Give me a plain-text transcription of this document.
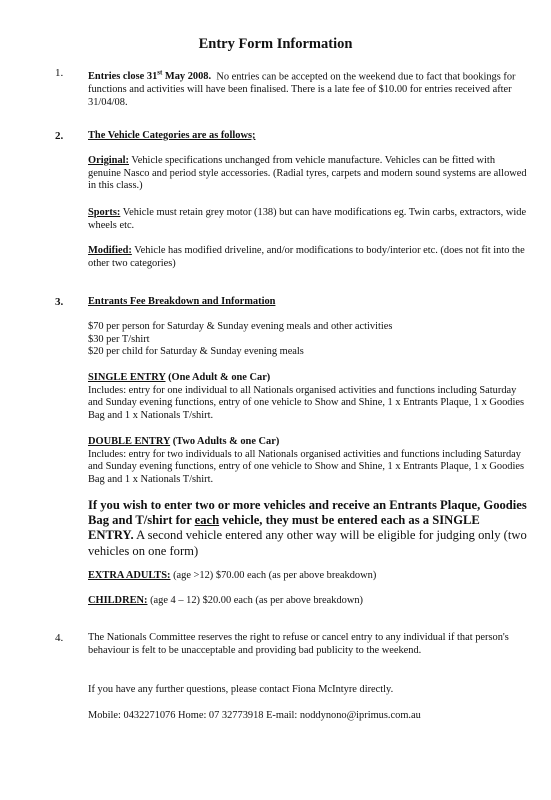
Entry Form Information
1. Entries close 31st May 2008. No entries can be accepted on the weekend due to fact that bookings for functions and activities will have been finalised. There is a late fee of $10.00 for entries received after 31/04/08.
2. The Vehicle Categories are as follows;
Original: Vehicle specifications unchanged from vehicle manufacture. Vehicles can be fitted with genuine Nasco and period style accessories. (Radial tyres, carpets and modern sound systems are allowed in this class.)
Sports: Vehicle must retain grey motor (138) but can have modifications eg. Twin carbs, extractors, wide wheels etc.
Modified: Vehicle has modified driveline, and/or modifications to body/interior etc. (does not fit into the other two categories)
3. Entrants Fee Breakdown and Information

$70 per person for Saturday & Sunday evening meals and other activities

$30 per T/shirt

$20 per child for Saturday & Sunday evening meals

SINGLE ENTRY (One Adult & one Car)

Includes: entry for one individual to all Nationals organised activities and functions including Saturday and Sunday evening functions, entry of one vehicle to Show and Shine, 1 x Entrants Plaque, 1 x Goodies Bag and 1 x Nationals T/shirt.

DOUBLE ENTRY (Two Adults & one Car)

Includes: entry for two individuals to all Nationals organised activities and functions including Saturday and Sunday evening functions, entry of one vehicle to Show and Shine, 1 x Entrants Plaque, 1 x Goodies Bag and 1 x Nationals T/shirt.

If you wish to enter two or more vehicles and receive an Entrants Plaque, Goodies Bag and T/shirt for each vehicle, they must be entered each as a SINGLE ENTRY. A second vehicle entered any other way will be eligible for judging only (two vehicles on one form)
EXTRA ADULTS: (age >12) $70.00 each (as per above breakdown)
CHILDREN: (age 4 – 12) $20.00 each (as per above breakdown)
4. The Nationals Committee reserves the right to refuse or cancel entry to any individual if that person's behaviour is felt to be unacceptable and providing bad publicity to the weekend.
If you have any further questions, please contact Fiona McIntyre directly.
Mobile: 0432271076 Home: 07 32773918 E-mail: noddynono@iprimus.com.au
